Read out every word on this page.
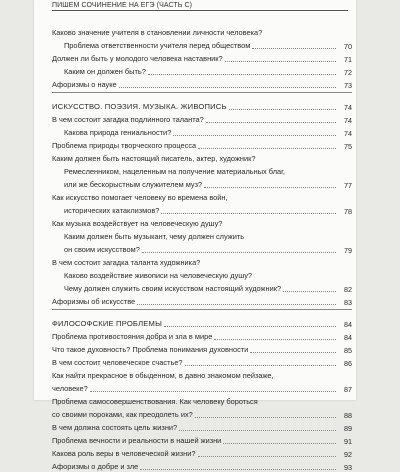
ПИШЕМ СОЧИНЕНИЕ НА ЕГЭ (ЧАСТЬ С)
Каково значение учителя в становлении личности человека?
Проблема ответственности учителя перед обществом	70
Должен ли быть у молодого человека наставник?	71
Каким он должен быть?	72
Афоризмы о науке	73
ИСКУССТВО. ПОЭЗИЯ. МУЗЫКА. ЖИВОПИСЬ	74
В чем состоит загадка подлинного таланта?	74
Какова природа гениальности?	74
Проблема природы творческого процесса	75
Каким должен быть настоящий писатель, актер, художник?
Ремесленником, нацеленным на получение материальных благ,
или же бескорыстным служителем муз?	77
Как искусство помогает человеку во времена войн,
исторических катаклизмов?	78
Как музыка воздействует на человеческую душу?
Каким должен быть музыкант, чему должен служить
он своим искусством?	79
В чем состоит загадка таланта художника?
Каково воздействие живописи на человеческую душу?
Чему должен служить своим искусством настоящий художник?	82
Афоризмы об искусстве	83
ФИЛОСОФСКИЕ ПРОБЛЕМЫ	84
Проблема противостояния добра и зла в мире	84
Что такое духовность? Проблема понимания духовности	85
В чем состоит человеческое счастье?	86
Как найти прекрасное в обыденном, в давно знакомом пейзаже,
человеке?	87
Проблема самосовершенствования. Как человеку бороться
со своими пороками, как преодолеть их?	88
В чем должна состоять цель жизни?	89
Проблема вечности и реальности в нашей жизни	91
Какова роль веры в человеческой жизни?	92
Афоризмы о добре и зле	93
